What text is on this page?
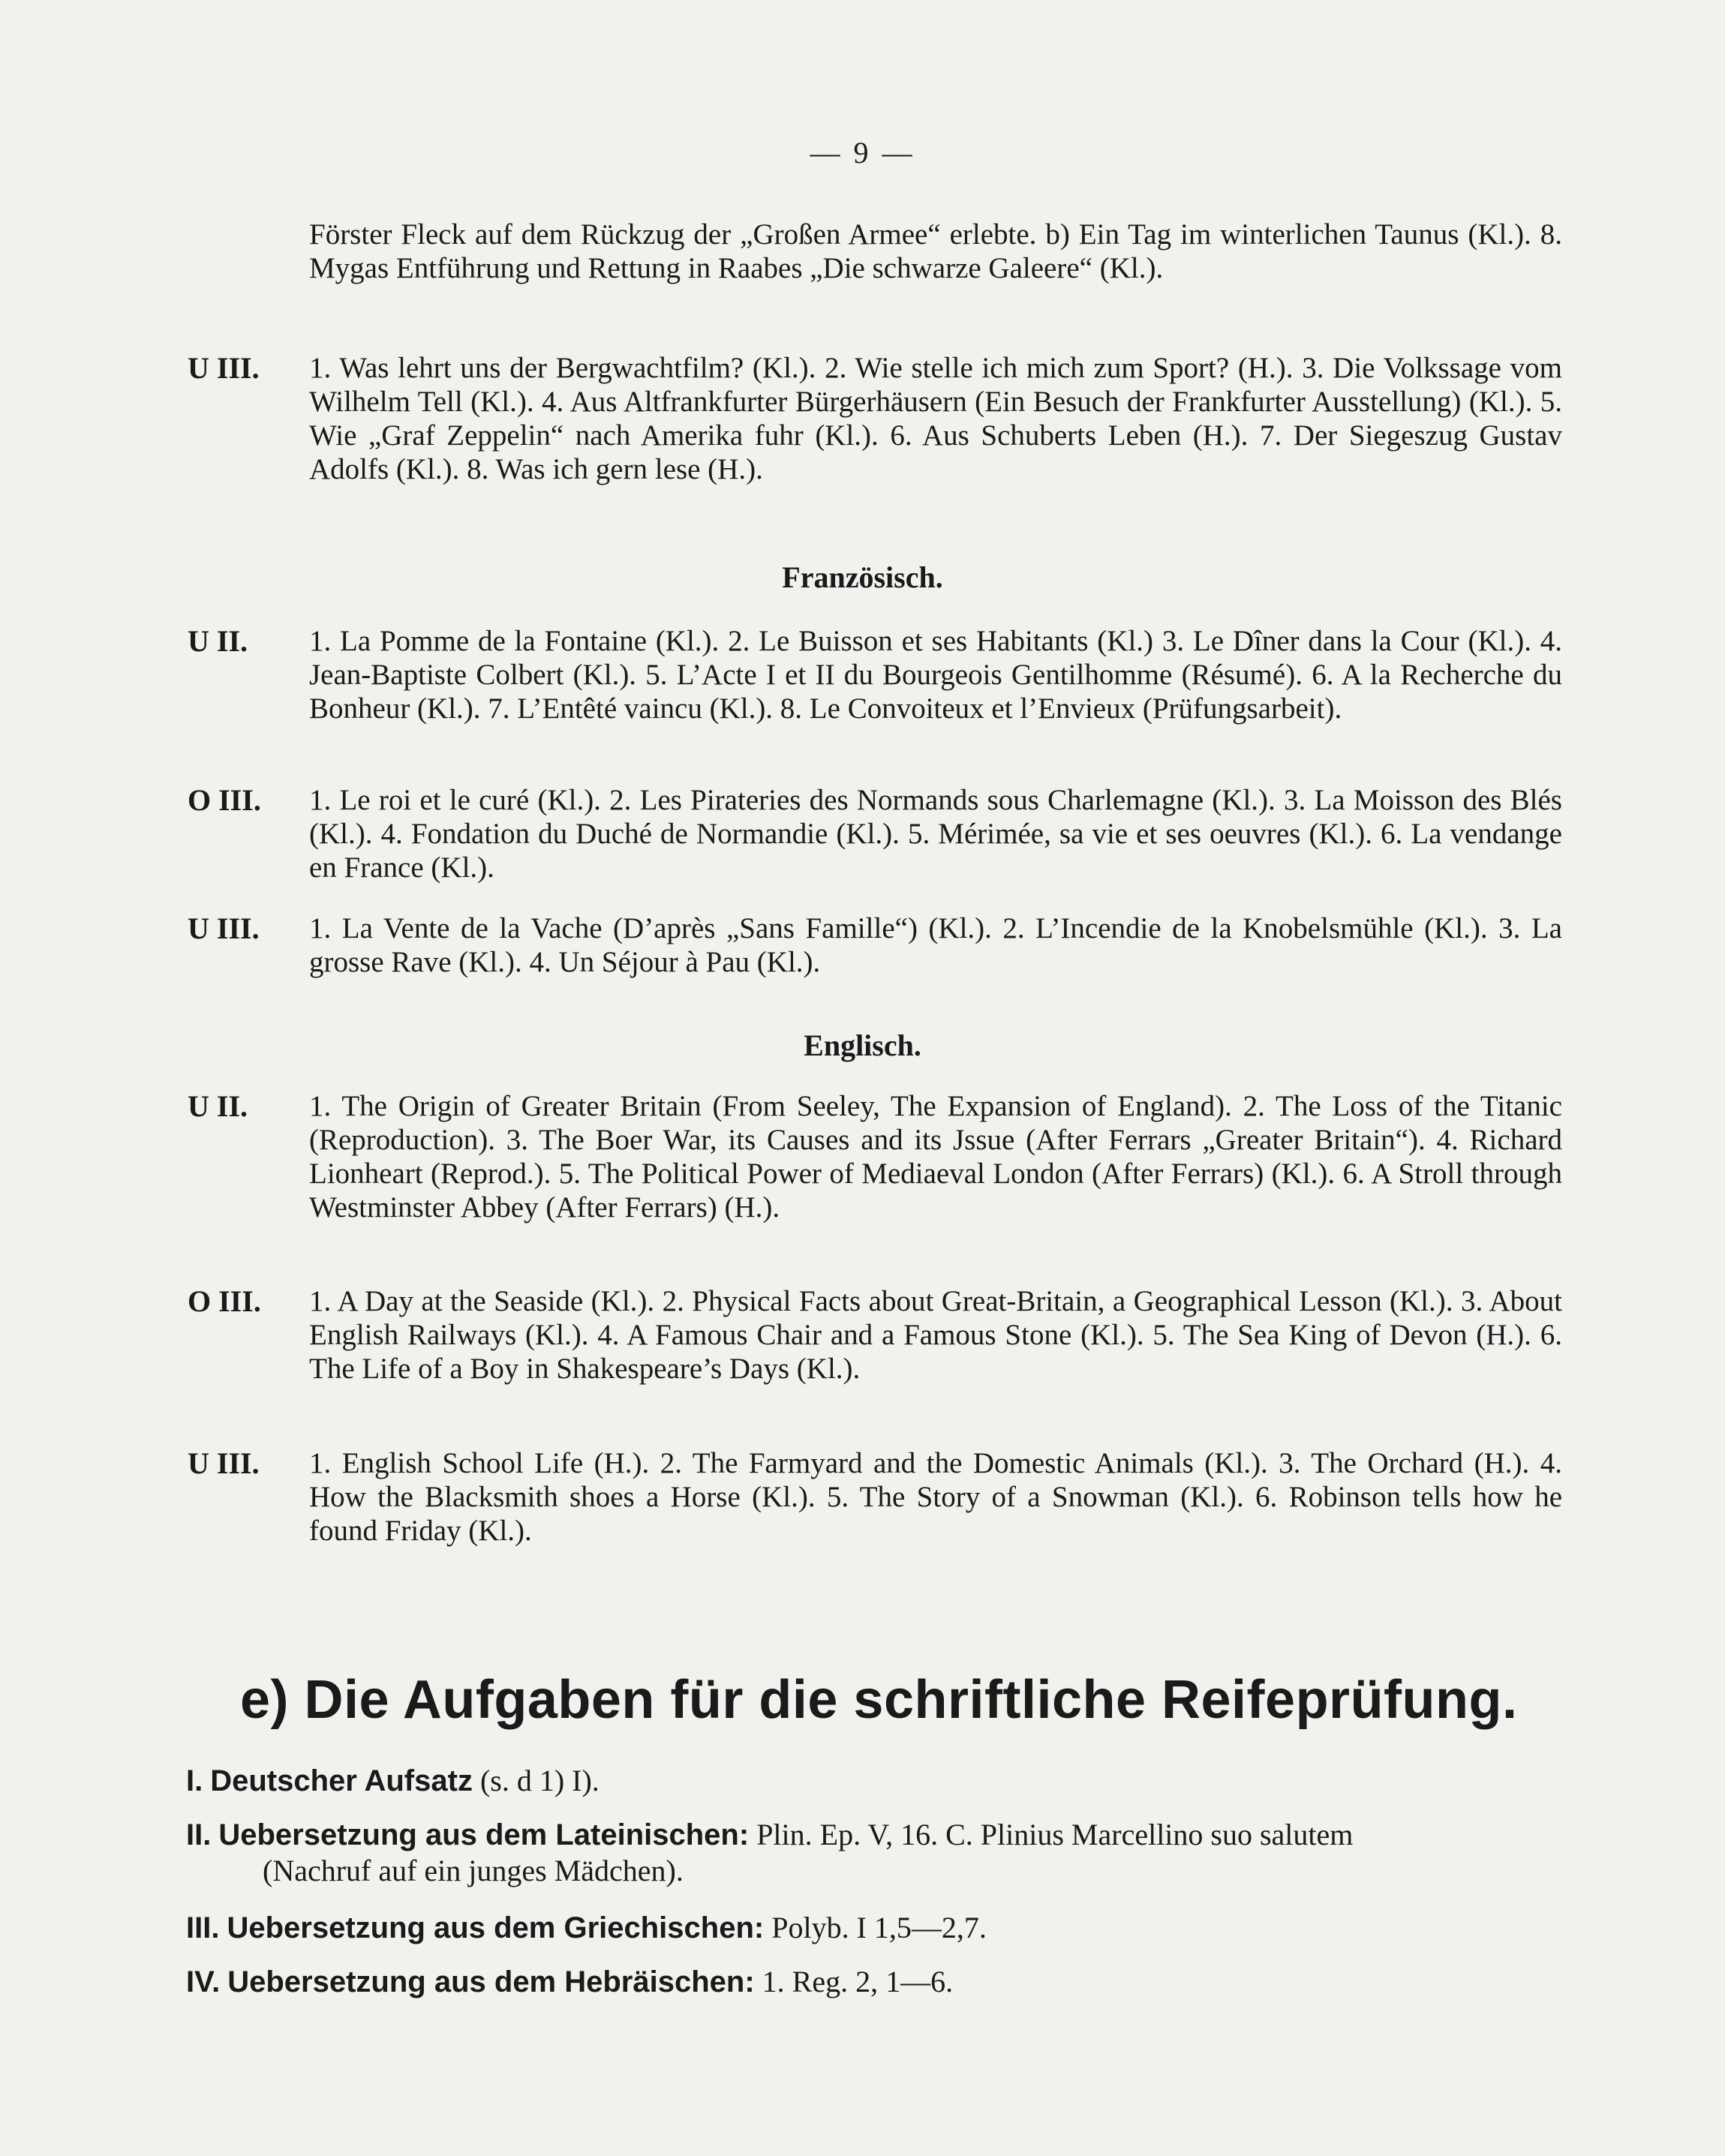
— 9 —
Förster Fleck auf dem Rückzug der „Großen Armee“ erlebte. b) Ein Tag im winterlichen Taunus (Kl.). 8. Mygas Entführung und Rettung in Raabes „Die schwarze Galeere“ (Kl.).
U III. 1. Was lehrt uns der Bergwachtfilm? (Kl.). 2. Wie stelle ich mich zum Sport? (H.). 3. Die Volkssage vom Wilhelm Tell (Kl.). 4. Aus Altfrankfurter Bürgerhäusern (Ein Besuch der Frankfurter Ausstellung) (Kl.). 5. Wie „Graf Zeppelin“ nach Amerika fuhr (Kl.). 6. Aus Schuberts Leben (H.). 7. Der Siegeszug Gustav Adolfs (Kl.). 8. Was ich gern lese (H.).
Französisch.
U II. 1. La Pomme de la Fontaine (Kl.). 2. Le Buisson et ses Habitants (Kl.) 3. Le Dîner dans la Cour (Kl.). 4. Jean-Baptiste Colbert (Kl.). 5. L’Acte I et II du Bourgeois Gentilhomme (Résumé). 6. A la Recherche du Bonheur (Kl.). 7. L’Entêté vaincu (Kl.). 8. Le Convoiteux et l’Envieux (Prüfungsarbeit).
O III. 1. Le roi et le curé (Kl.). 2. Les Pirateries des Normands sous Charlemagne (Kl.). 3. La Moisson des Blés (Kl.). 4. Fondation du Duché de Normandie (Kl.). 5. Mérimée, sa vie et ses oeuvres (Kl.). 6. La vendange en France (Kl.).
U III. 1. La Vente de la Vache (D’après „Sans Famille“) (Kl.). 2. L’Incendie de la Knobelsmühle (Kl.). 3. La grosse Rave (Kl.). 4. Un Séjour à Pau (Kl.).
Englisch.
U II. 1. The Origin of Greater Britain (From Seeley, The Expansion of England). 2. The Loss of the Titanic (Reproduction). 3. The Boer War, its Causes and its Jssue (After Ferrars „Greater Britain“). 4. Richard Lionheart (Reprod.). 5. The Political Power of Mediaeval London (After Ferrars) (Kl.). 6. A Stroll through Westminster Abbey (After Ferrars) (H.).
O III. 1. A Day at the Seaside (Kl.). 2. Physical Facts about Great-Britain, a Geographical Lesson (Kl.). 3. About English Railways (Kl.). 4. A Famous Chair and a Famous Stone (Kl.). 5. The Sea King of Devon (H.). 6. The Life of a Boy in Shakespeare’s Days (Kl.).
U III. 1. English School Life (H.). 2. The Farmyard and the Domestic Animals (Kl.). 3. The Orchard (H.). 4. How the Blacksmith shoes a Horse (Kl.). 5. The Story of a Snowman (Kl.). 6. Robinson tells how he found Friday (Kl.).
e) Die Aufgaben für die schriftliche Reifeprüfung.
I. Deutscher Aufsatz (s. d 1) I).
II. Uebersetzung aus dem Lateinischen: Plin. Ep. V, 16. C. Plinius Marcellino suo salutem
(Nachruf auf ein junges Mädchen).
III. Uebersetzung aus dem Griechischen: Polyb. I 1,5—2,7.
IV. Uebersetzung aus dem Hebräischen: 1. Reg. 2, 1—6.
